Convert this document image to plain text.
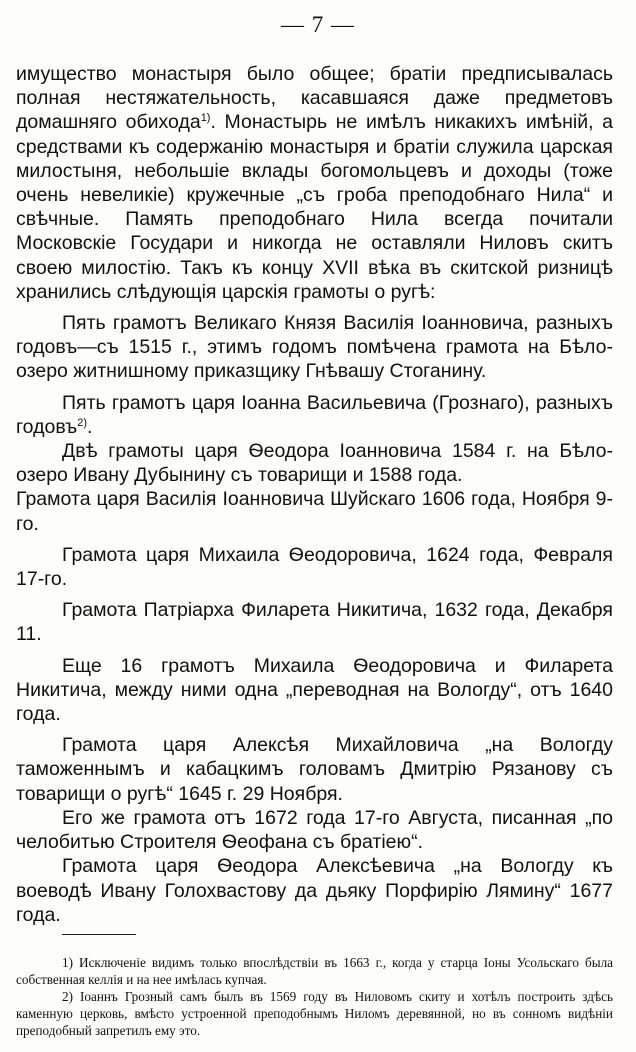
— 7 —

имущество монастыря было общее; братіи предписывалась полная нестяжательность, касавшаяся даже предметовъ домашняго обихода$^{1)}$. Монастырь не имѣлъ никакихъ имѣній, а средствами къ содержанію монастыря и братіи служила царская милостыня, небольшіе вклады богомольцевъ и доходы (тоже очень невеликіе) кружечные „съ гроба преподобнаго Нила“ и свѣчные. Память преподобнаго Нила всегда почитали Московскіе Государи и никогда не оставляли Ниловъ скитъ своею милостію. Такъ къ концу XVII вѣка въ скитской ризницѣ хранились слѣдующія царскія грамоты о ругѣ:

Пять грамотъ Великаго Князя Василія Іоанновича, разныхъ годовъ—съ 1515 г., этимъ годомъ помѣчена грамота на Бѣло-озеро житнишному приказщику Гнѣвашу Стоганину.

Пять грамотъ царя Іоанна Васильевича (Грознаго), разныхъ годовъ$^{2)}$.

Двѣ грамоты царя Ѳеодора Іоанновича 1584 г. на Бѣло-озеро Ивану Дубынину съ товарищи и 1588 года.

Грамота царя Василія Іоанновича Шуйскаго 1606 года, Ноября 9-го.

Грамота царя Михаила Ѳеодоровича, 1624 года, Февраля 17-го.

Грамота Патріарха Филарета Никитича, 1632 года, Декабря 11.

Еще 16 грамотъ Михаила Ѳеодоровича и Филарета Никитича, между ними одна „переводная на Вологду“, отъ 1640 года.

Грамота царя Алексѣя Михайловича „на Вологду таможеннымъ и кабацкимъ головамъ Дмитрію Рязанову съ товарищи о ругѣ“ 1645 г. 29 Ноября.

Его же грамота отъ 1672 года 17-го Августа, писанная „по челобитью Строителя Ѳеофана съ братіею“.

Грамота царя Ѳеодора Алексѣевича „на Вологду къ воеводѣ Ивану Голохвастову да дьяку Порфирію Лямину“ 1677 года.

1) Исключеніе видимъ только впослѣдствіи въ 1663 г., когда у старца Іоны Усольскаго была собственная келлія и на нее имѣлась купчая.

2) Іоаннъ Грозный самъ былъ въ 1569 году въ Ниловомъ скиту и хотѣлъ построить здѣсь каменную церковь, вмѣсто устроенной преподобнымъ Ниломъ деревянной, но въ сонномъ видѣніи преподобный запретилъ ему это.
